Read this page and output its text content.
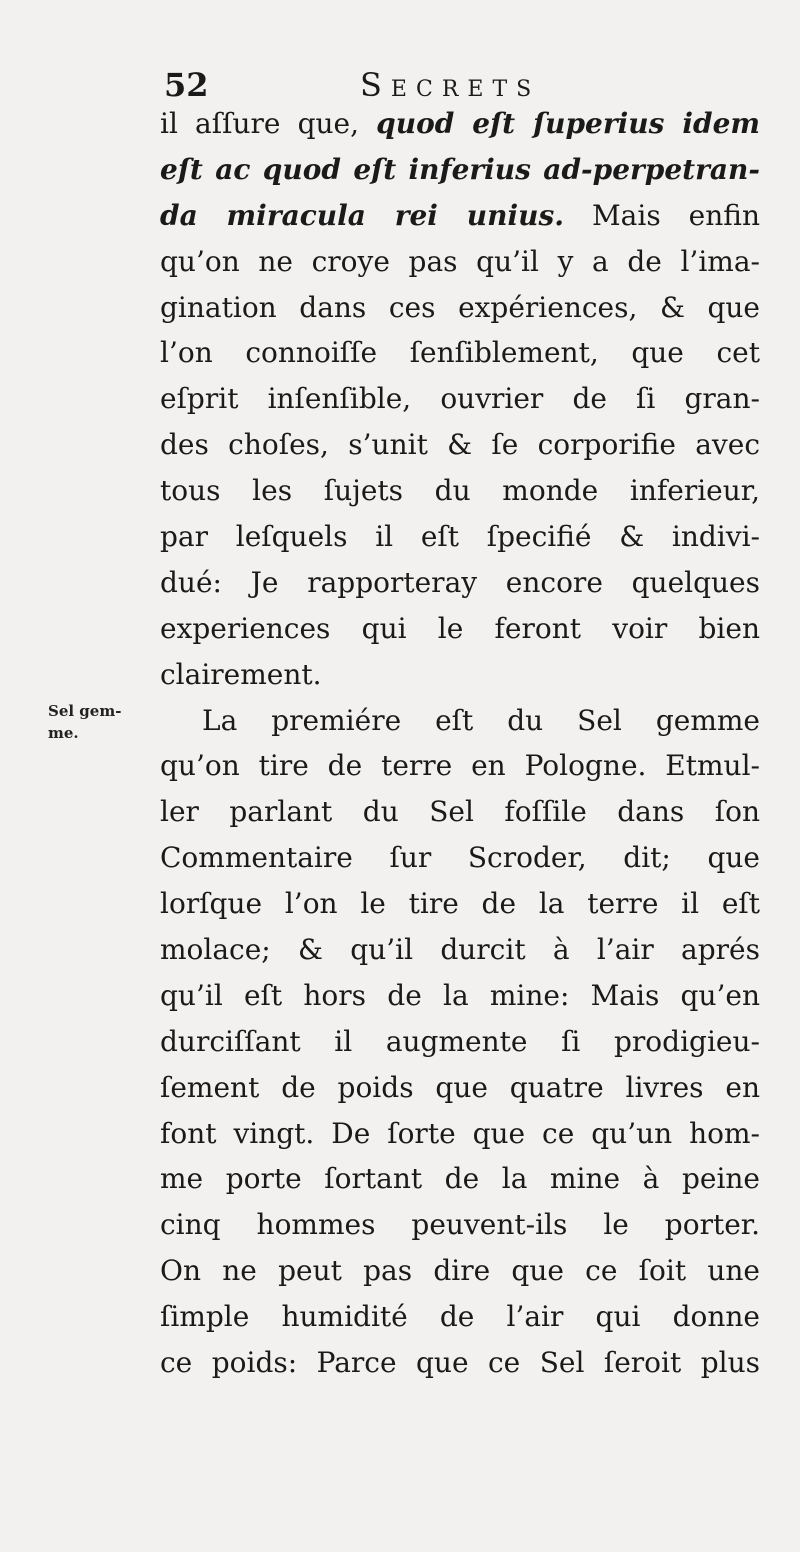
52	Secrets
Sel gem-
me.
il aſſure que, quod eſt ſuperius idem
eſt ac quod eſt inferius ad-perpetran-
da miracula rei unius. Mais enfin
qu’on ne croye pas qu’il y a de l’ima-
gination dans ces expériences, & que
l’on connoiſſe ſenſiblement, que cet
eſprit inſenſible, ouvrier de ſi gran-
des choſes, s’unit & ſe corporifie avec
tous les ſujets du monde inferieur,
par leſquels il eſt ſpecifié & indivi-
dué: Je rapporteray encore quelques
experiences qui le feront voir bien
clairement.
La premiére eſt du Sel gemme
qu’on tire de terre en Pologne. Etmul-
ler parlant du Sel foſſile dans ſon
Commentaire ſur Scroder, dit; que
lorſque l’on le tire de la terre il eſt
molace; & qu’il durcit à l’air aprés
qu’il eſt hors de la mine: Mais qu’en
durciſſant il augmente ſi prodigieu-
ſement de poids que quatre livres en
font vingt. De ſorte que ce qu’un hom-
me porte ſortant de la mine à peine
cinq hommes peuvent-ils le porter.
On ne peut pas dire que ce ſoit une
ſimple humidité de l’air qui donne
ce poids: Parce que ce Sel ſeroit plus
